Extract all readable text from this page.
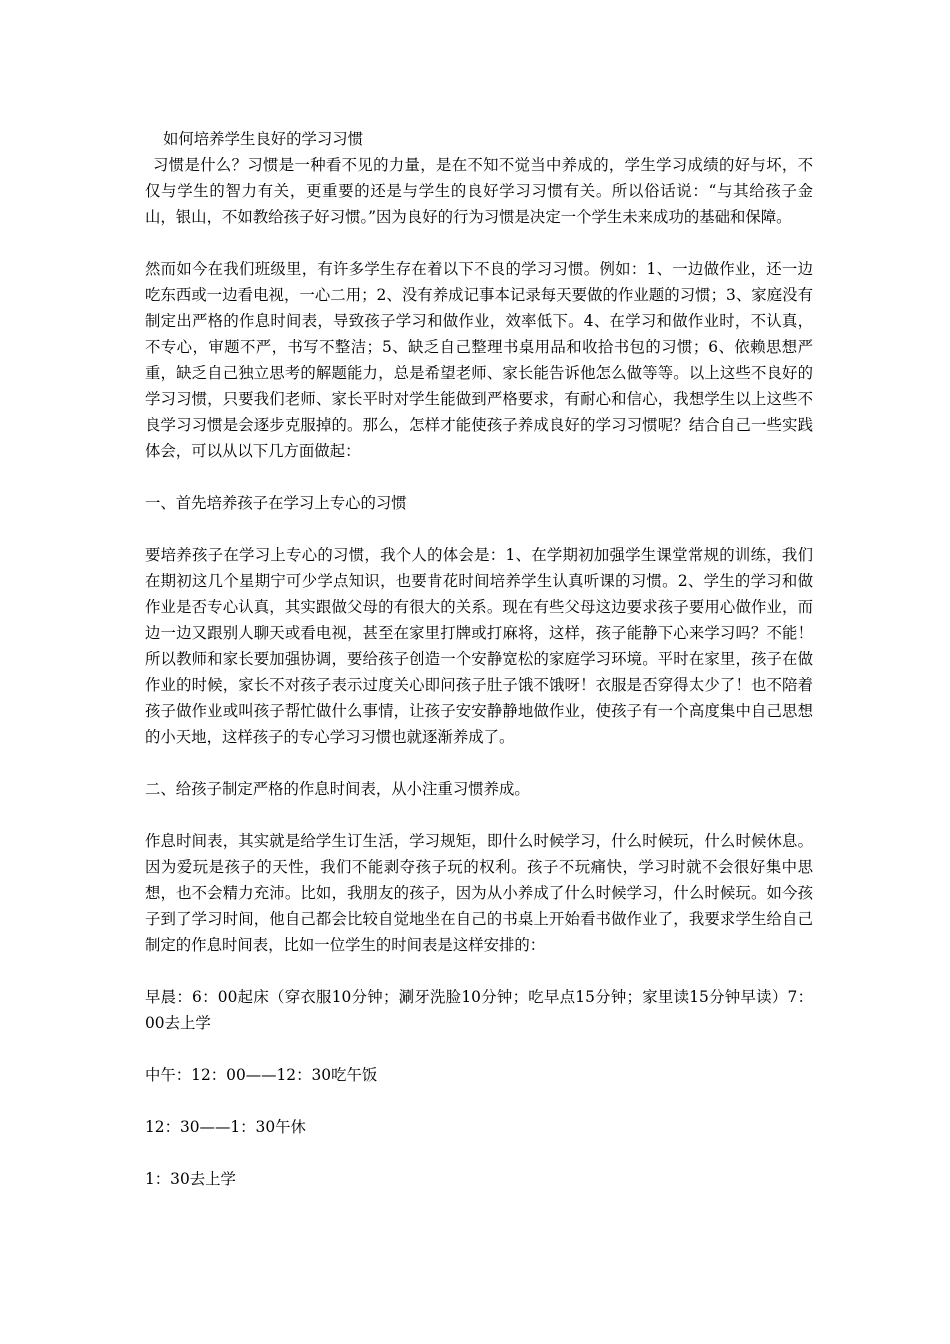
如何培养学生良好的学习习惯

习惯是什么？习惯是一种看不见的力量，是在不知不觉当中养成的，学生学习成绩的好与坏，不仅与学生的智力有关，更重要的还是与学生的良好学习习惯有关。所以俗话说：“与其给孩子金山，银山，不如教给孩子好习惯。”因为良好的行为习惯是决定一个学生未来成功的基础和保障。

然而如今在我们班级里，有许多学生存在着以下不良的学习习惯。例如：1、一边做作业，还一边吃东西或一边看电视，一心二用；2、没有养成记事本记录每天要做的作业题的习惯；3、家庭没有制定出严格的作息时间表，导致孩子学习和做作业，效率低下。4、在学习和做作业时，不认真，不专心，审题不严，书写不整洁；5、缺乏自己整理书桌用品和收拾书包的习惯；6、依赖思想严重，缺乏自己独立思考的解题能力，总是希望老师、家长能告诉他怎么做等等。以上这些不良好的学习习惯，只要我们老师、家长平时对学生能做到严格要求，有耐心和信心，我想学生以上这些不良学习习惯是会逐步克服掉的。那么，怎样才能使孩子养成良好的学习习惯呢？结合自己一些实践体会，可以从以下几方面做起：

一、首先培养孩子在学习上专心的习惯

要培养孩子在学习上专心的习惯，我个人的体会是：1、在学期初加强学生课堂常规的训练，我们在期初这几个星期宁可少学点知识，也要肯花时间培养学生认真听课的习惯。2、学生的学习和做作业是否专心认真，其实跟做父母的有很大的关系。现在有些父母这边要求孩子要用心做作业，而边一边又跟别人聊天或看电视，甚至在家里打牌或打麻将，这样，孩子能静下心来学习吗？不能！所以教师和家长要加强协调，要给孩子创造一个安静宽松的家庭学习环境。平时在家里，孩子在做作业的时候，家长不对孩子表示过度关心即问孩子肚子饿不饿呀！衣服是否穿得太少了！也不陪着孩子做作业或叫孩子帮忙做什么事情，让孩子安安静静地做作业，使孩子有一个高度集中自己思想的小天地，这样孩子的专心学习习惯也就逐渐养成了。

二、给孩子制定严格的作息时间表，从小注重习惯养成。

作息时间表，其实就是给学生订生活，学习规矩，即什么时候学习，什么时候玩，什么时候休息。因为爱玩是孩子的天性，我们不能剥夺孩子玩的权利。孩子不玩痛快，学习时就不会很好集中思想，也不会精力充沛。比如，我朋友的孩子，因为从小养成了什么时候学习，什么时候玩。如今孩子到了学习时间，他自己都会比较自觉地坐在自己的书桌上开始看书做作业了，我要求学生给自己制定的作息时间表，比如一位学生的时间表是这样安排的：

早晨：6：00起床（穿衣服10分钟；涮牙洗脸10分钟；吃早点15分钟；家里读15分钟早读）7：00去上学

中午：12：00——12：30吃午饭

12：30——1：30午休

1：30去上学
